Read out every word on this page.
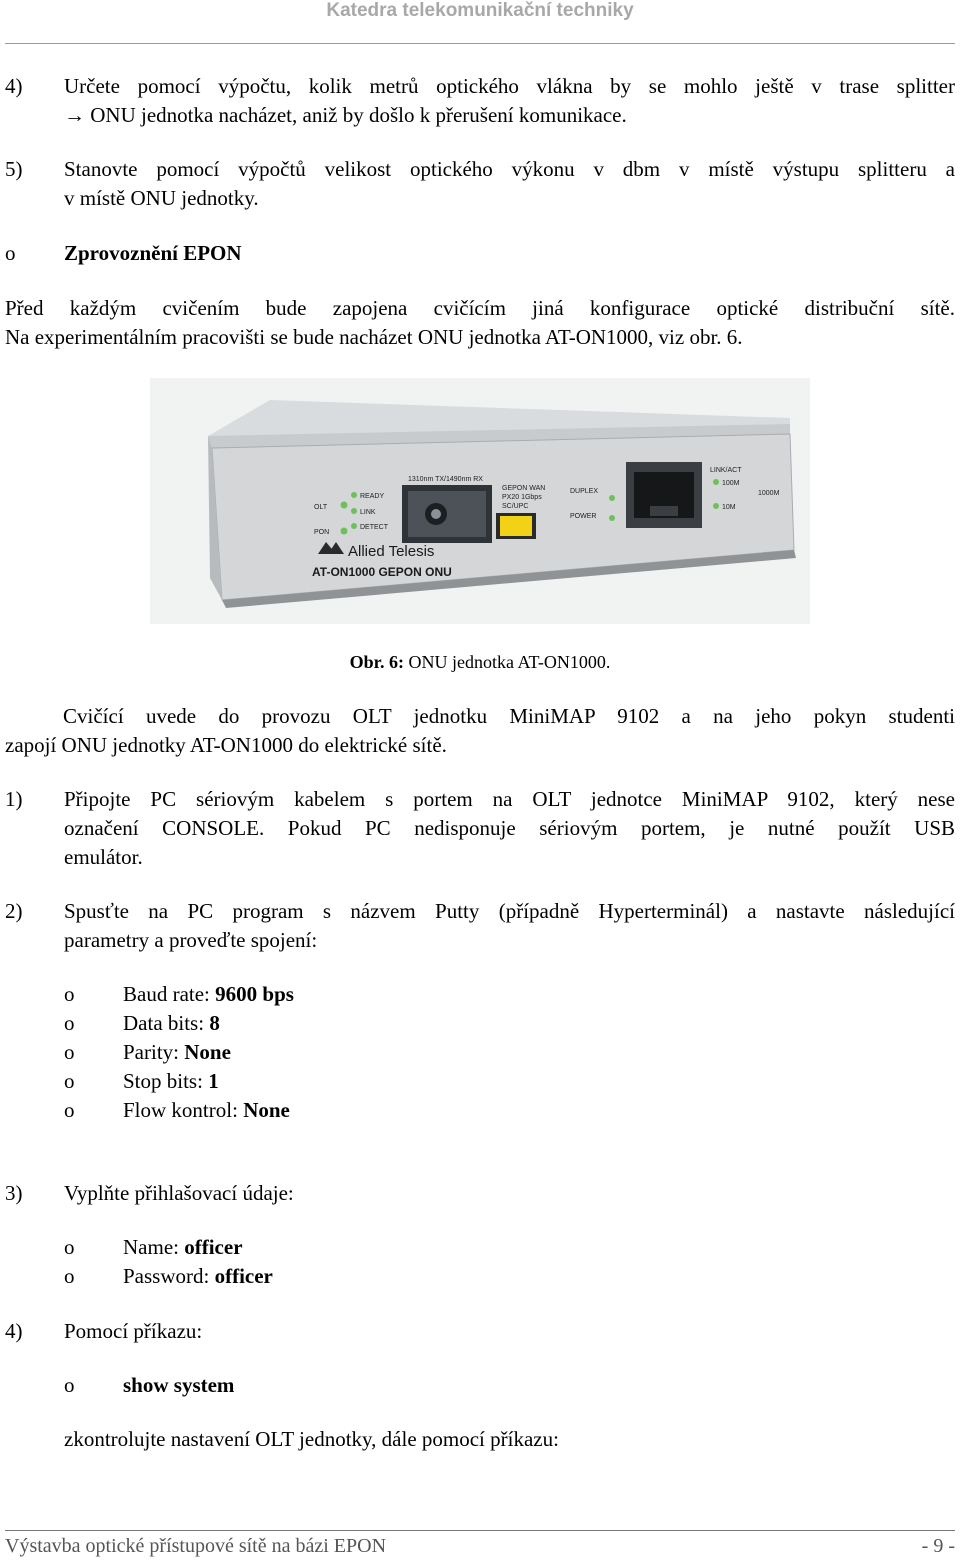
Katedra telekomunikační techniky
4) Určete pomocí výpočtu, kolik metrů optického vlákna by se mohlo ještě v trase splitter
→ ONU jednotka nacházet, aniž by došlo k přerušení komunikace.
5) Stanovte pomocí výpočtů velikost optického výkonu v dbm v místě výstupu splitteru a
v místě ONU jednotky.
o Zprovoznění EPON
Před každým cvičením bude zapojena cvičícím jiná konfigurace optické distribuční sítě.
Na experimentálním pracovišti se bude nacházet ONU jednotka AT-ON1000, viz obr. 6.
OLT
PON
READY
LINK
DETECT
1310nm TX/1490nm RX
GEPON WAN
PX20 1Gbps
SC/UPC
DUPLEX
POWER
LINK/ACT
100M
1000M
10M
Allied Telesis
AT-ON1000 GEPON ONU
Obr. 6: ONU jednotka AT-ON1000.
Cvičící uvede do provozu OLT jednotku MiniMAP 9102 a na jeho pokyn studenti
zapojí ONU jednotky AT-ON1000 do elektrické sítě.
1) Připojte PC sériovým kabelem s portem na OLT jednotce MiniMAP 9102, který nese
označení CONSOLE. Pokud PC nedisponuje sériovým portem, je nutné použít USB
emulátor.
2) Spusťte na PC program s názvem Putty (případně Hyperterminál) a nastavte následující
parametry a proveďte spojení:
o Baud rate: 9600 bps
o Data bits: 8
o Parity: None
o Stop bits: 1
o Flow kontrol: None
3) Vyplňte přihlašovací údaje:
o Name: officer
o Password: officer
4) Pomocí příkazu:
o show system
zkontrolujte nastavení OLT jednotky, dále pomocí příkazu:
Výstavba optické přístupové sítě na bázi EPON	- 9 -
